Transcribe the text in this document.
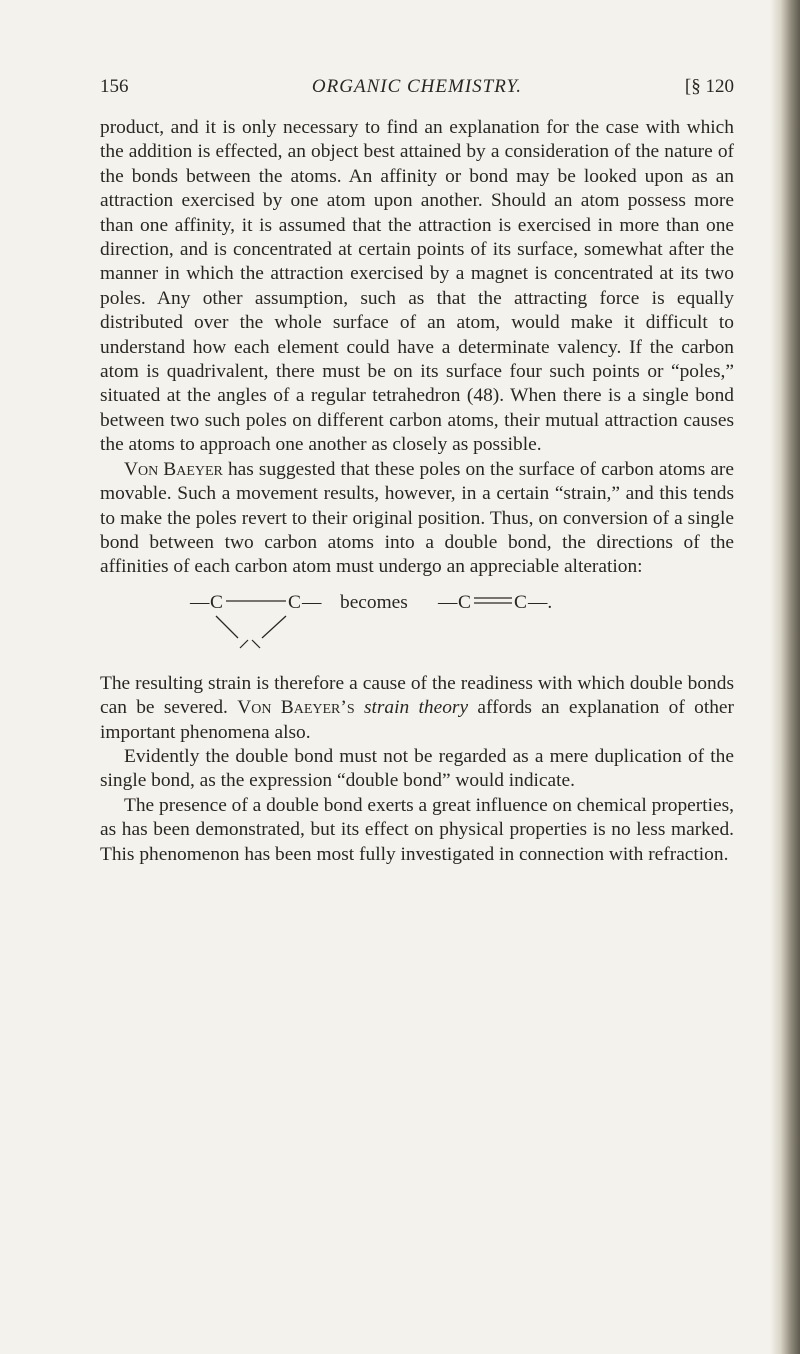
156	ORGANIC CHEMISTRY.	[§ 120

product, and it is only necessary to find an explanation for the case with which the addition is effected, an object best attained by a consideration of the nature of the bonds between the atoms. An affinity or bond may be looked upon as an attraction exercised by one atom upon another. Should an atom possess more than one affinity, it is assumed that the attraction is exercised in more than one direction, and is concentrated at certain points of its surface, somewhat after the manner in which the attraction exercised by a magnet is concentrated at its two poles. Any other assumption, such as that the attracting force is equally distributed over the whole surface of an atom, would make it difficult to understand how each element could have a determinate valency. If the carbon atom is quadrivalent, there must be on its surface four such points or “poles,” situated at the angles of a regular tetrahedron (48). When there is a single bond between two such poles on different carbon atoms, their mutual attraction causes the atoms to approach one another as closely as possible.

Von Baeyer has suggested that these poles on the surface of carbon atoms are movable. Such a movement results, however, in a certain “strain,” and this tends to make the poles revert to their original position. Thus, on conversion of a single bond between two carbon atoms into a double bond, the directions of the affinities of each carbon atom must undergo an appreciable alteration:

— C	C — becomes — C C —.

The resulting strain is therefore a cause of the readiness with which double bonds can be severed. Von Baeyer’s strain theory affords an explanation of other important phenomena also.

Evidently the double bond must not be regarded as a mere duplication of the single bond, as the expression “double bond” would indicate.

The presence of a double bond exerts a great influence on chemical properties, as has been demonstrated, but its effect on physical properties is no less marked. This phenomenon has been most fully investigated in connection with refraction.
